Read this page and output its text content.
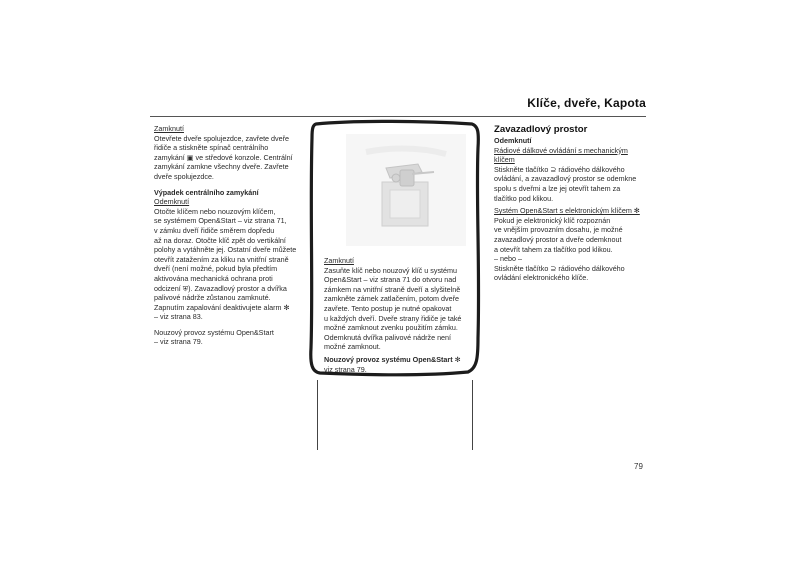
Klíče, dveře, Kapota

Zamknutí

Otevřete dveře spolujezdce, zavřete dveře

řidiče a stiskněte spínač centrálního

zamykání ▣ ve středové konzole. Centrální

zamykání zamkne všechny dveře. Zavřete

dveře spolujezdce.

Výpadek centrálního zamykání

Odemknutí

Otočte klíčem nebo nouzovým klíčem,

se systémem Open&Start – viz strana 71,

v zámku dveří řidiče směrem dopředu

až na doraz. Otočte klíč zpět do vertikální

polohy a vytáhněte jej. Ostatní dveře můžete

otevřít zatažením za kliku na vnitřní straně

dveří (není možné, pokud byla předtím

aktivována mechanická ochrana proti

odcizení ⛨). Zavazadlový prostor a dvířka

palivové nádrže zůstanou zamknuté.

Zapnutím zapalování deaktivujete alarm ✻

– viz strana 83.

Nouzový provoz systému Open&Start

– viz strana 79.

Zamknutí

Zasuňte klíč nebo nouzový klíč u systému

Open&Start – viz strana 71 do otvoru nad

zámkem na vnitřní straně dveří a slyšitelně

zamkněte zámek zatlačením, potom dveře

zavřete. Tento postup je nutné opakovat

u každých dveří. Dveře strany řidiče je také

možné zamknout zvenku použitím zámku.

Odemknutá dvířka palivové nádrže není

možné zamknout.

Nouzový provoz systému Open&Start ✻

viz strana 79.

Zavazadlový prostor

Odemknutí

Rádiové dálkové ovládání s mechanickým

klíčem

Stiskněte tlačítko ⊇ rádiového dálkového

ovládání, a zavazadlový prostor se odemkne

spolu s dveřmi a lze jej otevřít tahem za

tlačítko pod klikou.

Systém Open&Start s elektronickým klíčem ✻

Pokud je elektronický klíč rozpoznán

ve vnějším provozním dosahu, je možné

zavazadlový prostor a dveře odemknout

a otevřít tahem za tlačítko pod klikou.

– nebo –

Stiskněte tlačítko ⊇ rádiového dálkového

ovládání elektronického klíče.

79
